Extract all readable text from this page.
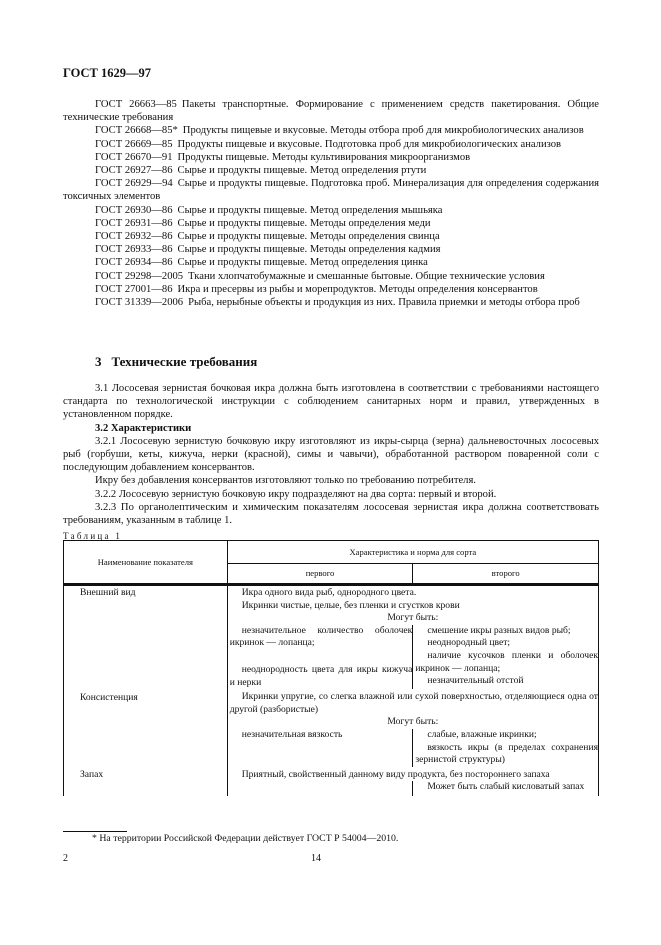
ГОСТ 1629—97

ГОСТ 26663—85 Пакеты транспортные. Формирование с применением средств пакетирования. Общие технические требования

ГОСТ 26668—85* Продукты пищевые и вкусовые. Методы отбора проб для микробиологических анализов

ГОСТ 26669—85 Продукты пищевые и вкусовые. Подготовка проб для микробиологических анализов

ГОСТ 26670—91 Продукты пищевые. Методы культивирования микроорганизмов

ГОСТ 26927—86 Сырье и продукты пищевые. Метод определения ртути

ГОСТ 26929—94 Сырье и продукты пищевые. Подготовка проб. Минерализация для определения содержания токсичных элементов

ГОСТ 26930—86 Сырье и продукты пищевые. Метод определения мышьяка

ГОСТ 26931—86 Сырье и продукты пищевые. Методы определения меди

ГОСТ 26932—86 Сырье и продукты пищевые. Методы определения свинца

ГОСТ 26933—86 Сырье и продукты пищевые. Методы определения кадмия

ГОСТ 26934—86 Сырье и продукты пищевые. Метод определения цинка

ГОСТ 29298—2005 Ткани хлопчатобумажные и смешанные бытовые. Общие технические условия

ГОСТ 27001—86 Икра и пресервы из рыбы и морепродуктов. Методы определения консервантов

ГОСТ 31339—2006 Рыба, нерыбные объекты и продукция из них. Правила приемки и методы отбора проб

3 Технические требования

3.1 Лососевая зернистая бочковая икра должна быть изготовлена в соответствии с требованиями настоящего стандарта по технологической инструкции с соблюдением санитарных норм и правил, утвержденных в установленном порядке.

3.2 Характеристики

3.2.1 Лососевую зернистую бочковую икру изготовляют из икры-сырца (зерна) дальневосточных лососевых рыб (горбуши, кеты, кижуча, нерки (красной), симы и чавычи), обработанной раствором поваренной соли с последующим добавлением консервантов.

Икру без добавления консервантов изготовляют только по требованию потребителя.

3.2.2 Лососевую зернистую бочковую икру подразделяют на два сорта: первый и второй.

3.2.3 По органолептическим и химическим показателям лососевая зернистая икра должна соответствовать требованиям, указанным в таблице 1.

Таблица 1
Наименование показателя	Характеристика и норма для сорта	
	первого	второго
Внешний вид	Икра одного вида рыб, однородного цвета.
Икринки чистые, целые, без пленки и сгустков крови	

	Могут быть:	

	незначительное количество оболочек икринок — лопанца;
неоднородность цвета для икры кижуча и нерки	смешение икры разных видов рыб;
неоднородный цвет;
наличие кусочков пленки и оболочек икринок — лопанца;
незначительный отстой

Консистенция	Икринки упругие, со слегка влажной или сухой поверхностью, отделяющиеся одна от другой (разбористые)	

	Могут быть:	

	незначительная вязкость	слабые, влажные икринки;
вязкость икры (в пределах сохранения зернистой структуры)

Запах	Приятный, свойственный данному виду продукта, без постороннего запаха	

		Может быть слабый кисловатый запах
* На территории Российской Федерации действует ГОСТ Р 54004—2010.
2	14
